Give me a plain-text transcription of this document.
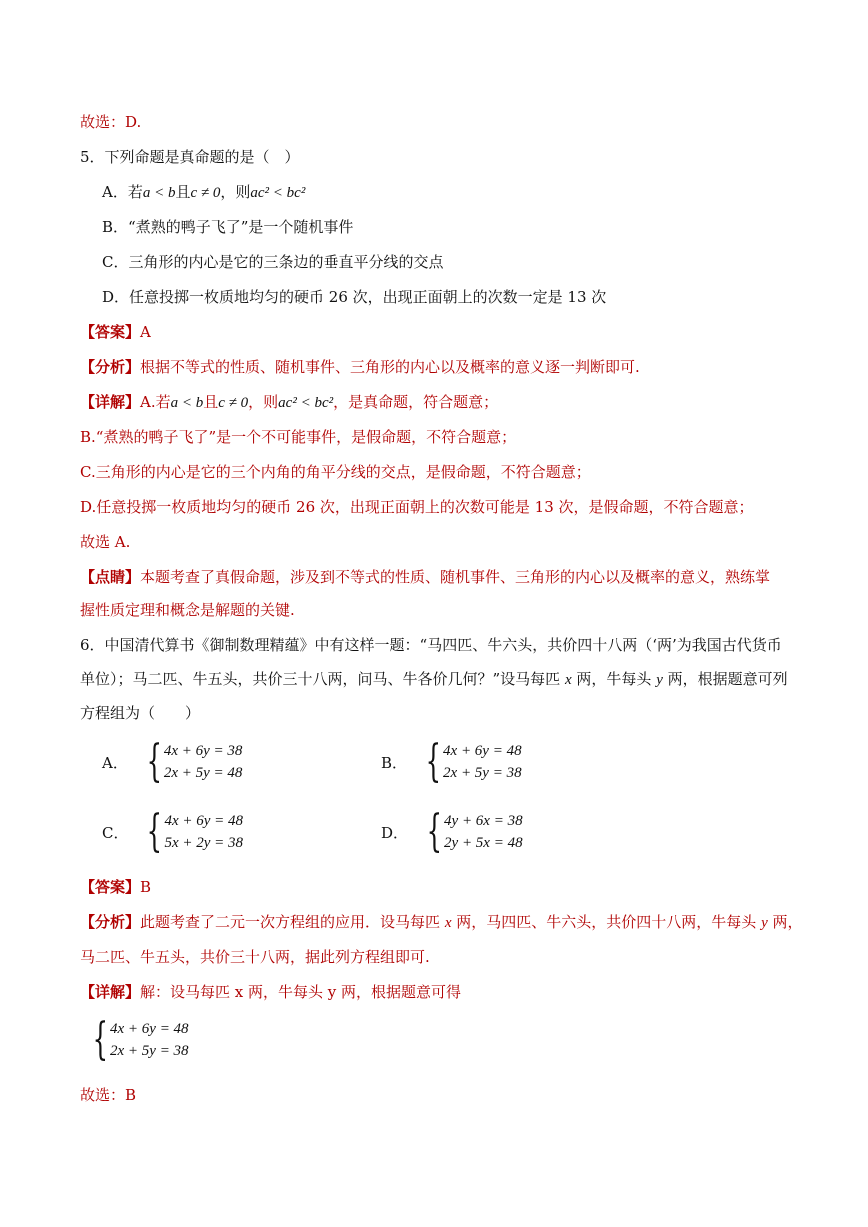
故选：D.
5．下列命题是真命题的是（　）
A．若a < b且c ≠ 0，则ac² < bc²
B．“煮熟的鸭子飞了”是一个随机事件
C．三角形的内心是它的三条边的垂直平分线的交点
D．任意投掷一枚质地均匀的硬币 26 次，出现正面朝上的次数一定是 13 次
【答案】A
【分析】根据不等式的性质、随机事件、三角形的内心以及概率的意义逐一判断即可.
【详解】A.若a < b且c ≠ 0，则ac² < bc²，是真命题，符合题意；
B.“煮熟的鸭子飞了”是一个不可能事件，是假命题，不符合题意；
C.三角形的内心是它的三个内角的角平分线的交点，是假命题，不符合题意；
D.任意投掷一枚质地均匀的硬币 26 次，出现正面朝上的次数可能是 13 次，是假命题，不符合题意；
故选 A.
【点睛】本题考查了真假命题，涉及到不等式的性质、随机事件、三角形的内心以及概率的意义，熟练掌
握性质定理和概念是解题的关键.
6．中国清代算书《御制数理精蕴》中有这样一题：“马四匹、牛六头，共价四十八两（‘两’为我国古代货币
单位）；马二匹、牛五头，共价三十八两，问马、牛各价几何？”设马每匹 x 两，牛每头 y 两，根据题意可列
方程组为（　　）
A． { 4x + 6y = 38
2x + 5y = 48
B． { 4x + 6y = 48
2x + 5y = 38
C． { 4x + 6y = 48
5x + 2y = 38
D． { 4y + 6x = 38
2y + 5x = 48
【答案】B
【分析】此题考查了二元一次方程组的应用．设马每匹 x 两，马四匹、牛六头，共价四十八两，牛每头 y 两，
马二匹、牛五头，共价三十八两，据此列方程组即可.
【详解】解：设马每匹 x 两，牛每头 y 两，根据题意可得
{ 4x + 6y = 48
2x + 5y = 38
故选：B
